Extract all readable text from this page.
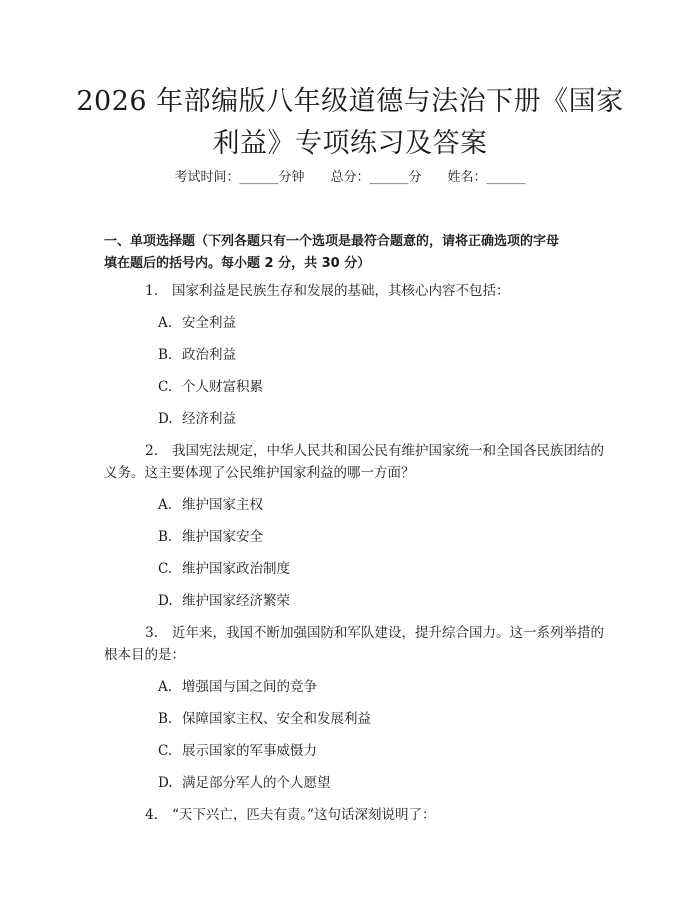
2026 年部编版八年级道德与法治下册《国家
利益》专项练习及答案
考试时间：______分钟 总分：______分 姓名：______
一、单项选择题（下列各题只有一个选项是最符合题意的，请将正确选项的字母
填在题后的括号内。每小题 2 分，共 30 分）
1. 国家利益是民族生存和发展的基础，其核心内容不包括：
A. 安全利益
B. 政治利益
C. 个人财富积累
D. 经济利益
2. 我国宪法规定，中华人民共和国公民有维护国家统一和全国各民族团结的
义务。这主要体现了公民维护国家利益的哪一方面？
A. 维护国家主权
B. 维护国家安全
C. 维护国家政治制度
D. 维护国家经济繁荣
3. 近年来，我国不断加强国防和军队建设，提升综合国力。这一系列举措的
根本目的是：
A. 增强国与国之间的竞争
B. 保障国家主权、安全和发展利益
C. 展示国家的军事威慑力
D. 满足部分军人的个人愿望
4. “天下兴亡，匹夫有责。”这句话深刻说明了：
